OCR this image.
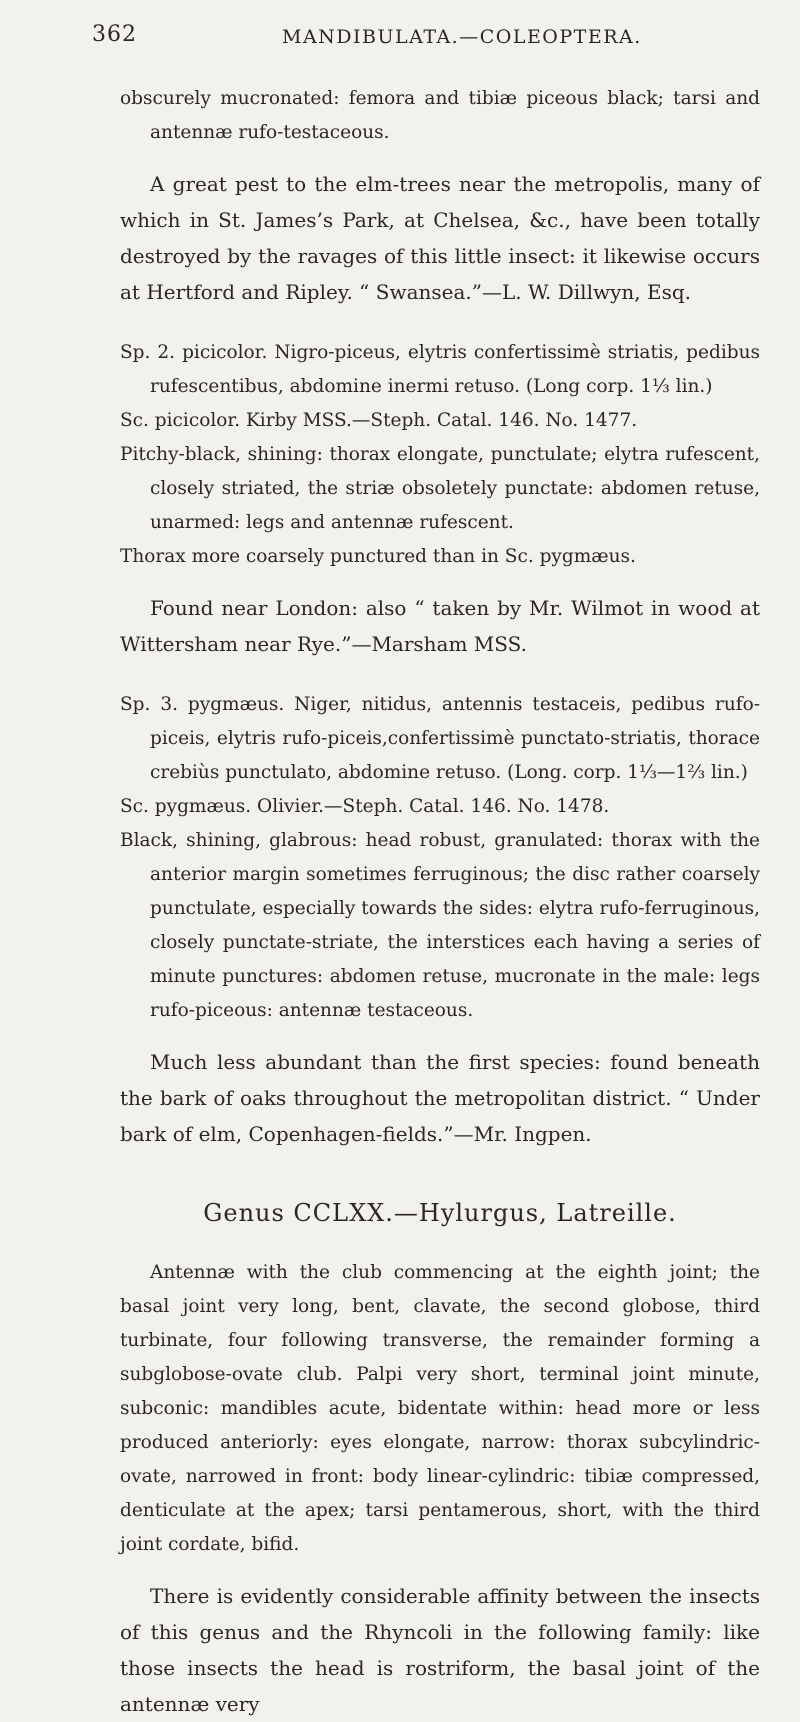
362	MANDIBULATA.—COLEOPTERA.

obscurely mucronated: femora and tibiæ piceous black; tarsi and antennæ rufo-testaceous.

A great pest to the elm-trees near the metropolis, many of which in St. James’s Park, at Chelsea, &c., have been totally destroyed by the ravages of this little insect: it likewise occurs at Hertford and Ripley. “ Swansea.”—L. W. Dillwyn, Esq.

Sp. 2. picicolor. Nigro-piceus, elytris confertissimè striatis, pedibus rufescentibus, abdomine inermi retuso. (Long corp. 1⅓ lin.)

Sc. picicolor. Kirby MSS.—Steph. Catal. 146. No. 1477.

Pitchy-black, shining: thorax elongate, punctulate; elytra rufescent, closely striated, the striæ obsoletely punctate: abdomen retuse, unarmed: legs and antennæ rufescent.

Thorax more coarsely punctured than in Sc. pygmæus.

Found near London: also “ taken by Mr. Wilmot in wood at Wittersham near Rye.”—Marsham MSS.

Sp. 3. pygmæus. Niger, nitidus, antennis testaceis, pedibus rufo-piceis, elytris rufo-piceis,confertissimè punctato-striatis, thorace crebiùs punctulato, abdomine retuso. (Long. corp. 1⅓—1⅔ lin.)

Sc. pygmæus. Olivier.—Steph. Catal. 146. No. 1478.

Black, shining, glabrous: head robust, granulated: thorax with the anterior margin sometimes ferruginous; the disc rather coarsely punctulate, especially towards the sides: elytra rufo-ferruginous, closely punctate-striate, the interstices each having a series of minute punctures: abdomen retuse, mucronate in the male: legs rufo-piceous: antennæ testaceous.

Much less abundant than the first species: found beneath the bark of oaks throughout the metropolitan district. “ Under bark of elm, Copenhagen-fields.”—Mr. Ingpen.

Genus CCLXX.—Hylurgus, Latreille.

Antennæ with the club commencing at the eighth joint; the basal joint very long, bent, clavate, the second globose, third turbinate, four following transverse, the remainder forming a subglobose-ovate club. Palpi very short, terminal joint minute, subconic: mandibles acute, bidentate within: head more or less produced anteriorly: eyes elongate, narrow: thorax subcylindric-ovate, narrowed in front: body linear-cylindric: tibiæ compressed, denticulate at the apex; tarsi pentamerous, short, with the third joint cordate, bifid.

There is evidently considerable affinity between the insects of this genus and the Rhyncoli in the following family: like those insects the head is rostriform, the basal joint of the antennæ very
